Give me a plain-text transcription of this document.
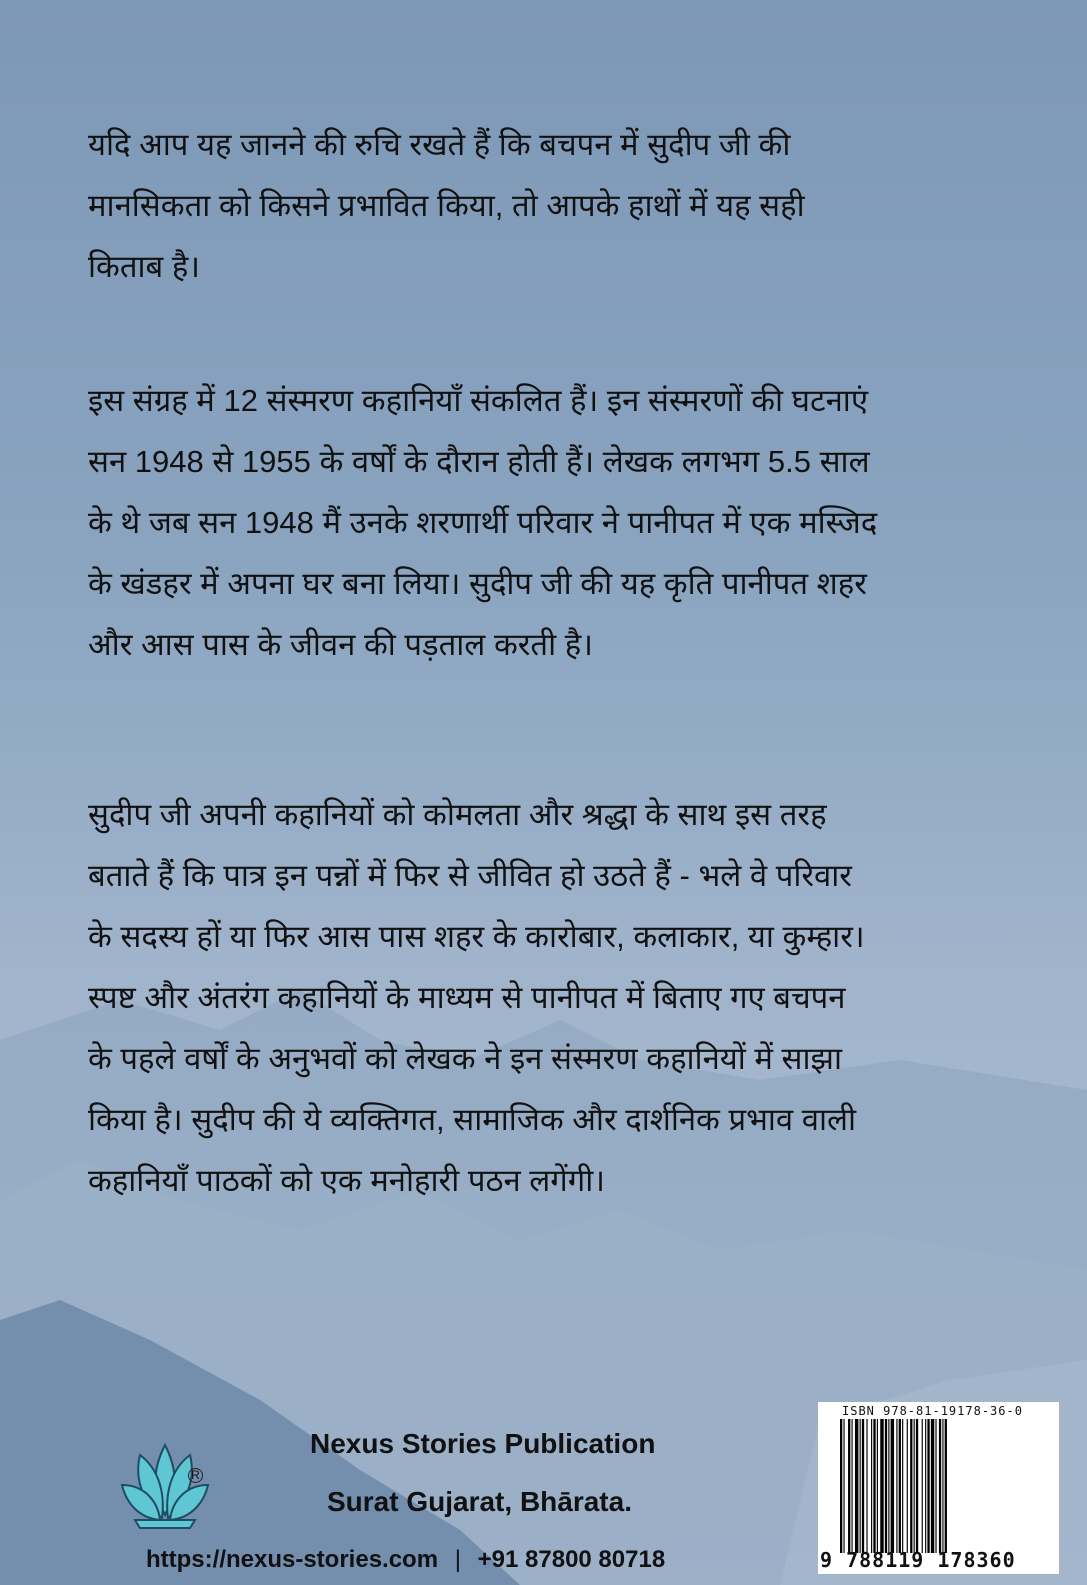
यदि आप यह जानने की रुचि रखते हैं कि बचपन में सुदीप जी की
मानसिकता को किसने प्रभावित किया, तो आपके हाथों में यह सही
किताब है।
इस संग्रह में 12 संस्मरण कहानियाँ संकलित हैं। इन संस्मरणों की घटनाएं
सन 1948 से 1955 के वर्षों के दौरान होती हैं। लेखक लगभग 5.5 साल
के थे जब सन 1948 मैं उनके शरणार्थी परिवार ने पानीपत में एक मस्जिद
के खंडहर में अपना घर बना लिया। सुदीप जी की यह कृति पानीपत शहर
और आस पास के जीवन की पड़ताल करती है।
सुदीप जी अपनी कहानियों को कोमलता और श्रद्धा के साथ इस तरह
बताते हैं कि पात्र इन पन्नों में फिर से जीवित हो उठते हैं - भले वे परिवार
के सदस्य हों या फिर आस पास शहर के कारोबार, कलाकार, या कुम्हार।
स्पष्ट और अंतरंग कहानियों के माध्यम से पानीपत में बिताए गए बचपन
के पहले वर्षों के अनुभवों को लेखक ने इन संस्मरण कहानियों में साझा
किया है। सुदीप की ये व्यक्तिगत, सामाजिक और दार्शनिक प्रभाव वाली
कहानियाँ पाठकों को एक मनोहारी पठन लगेंगी।
R
Nexus Stories Publication
Surat Gujarat, Bhārata.
https://nexus-stories.com | +91 87800 80718
ISBN 978-81-19178-36-0
9 788119 178360
